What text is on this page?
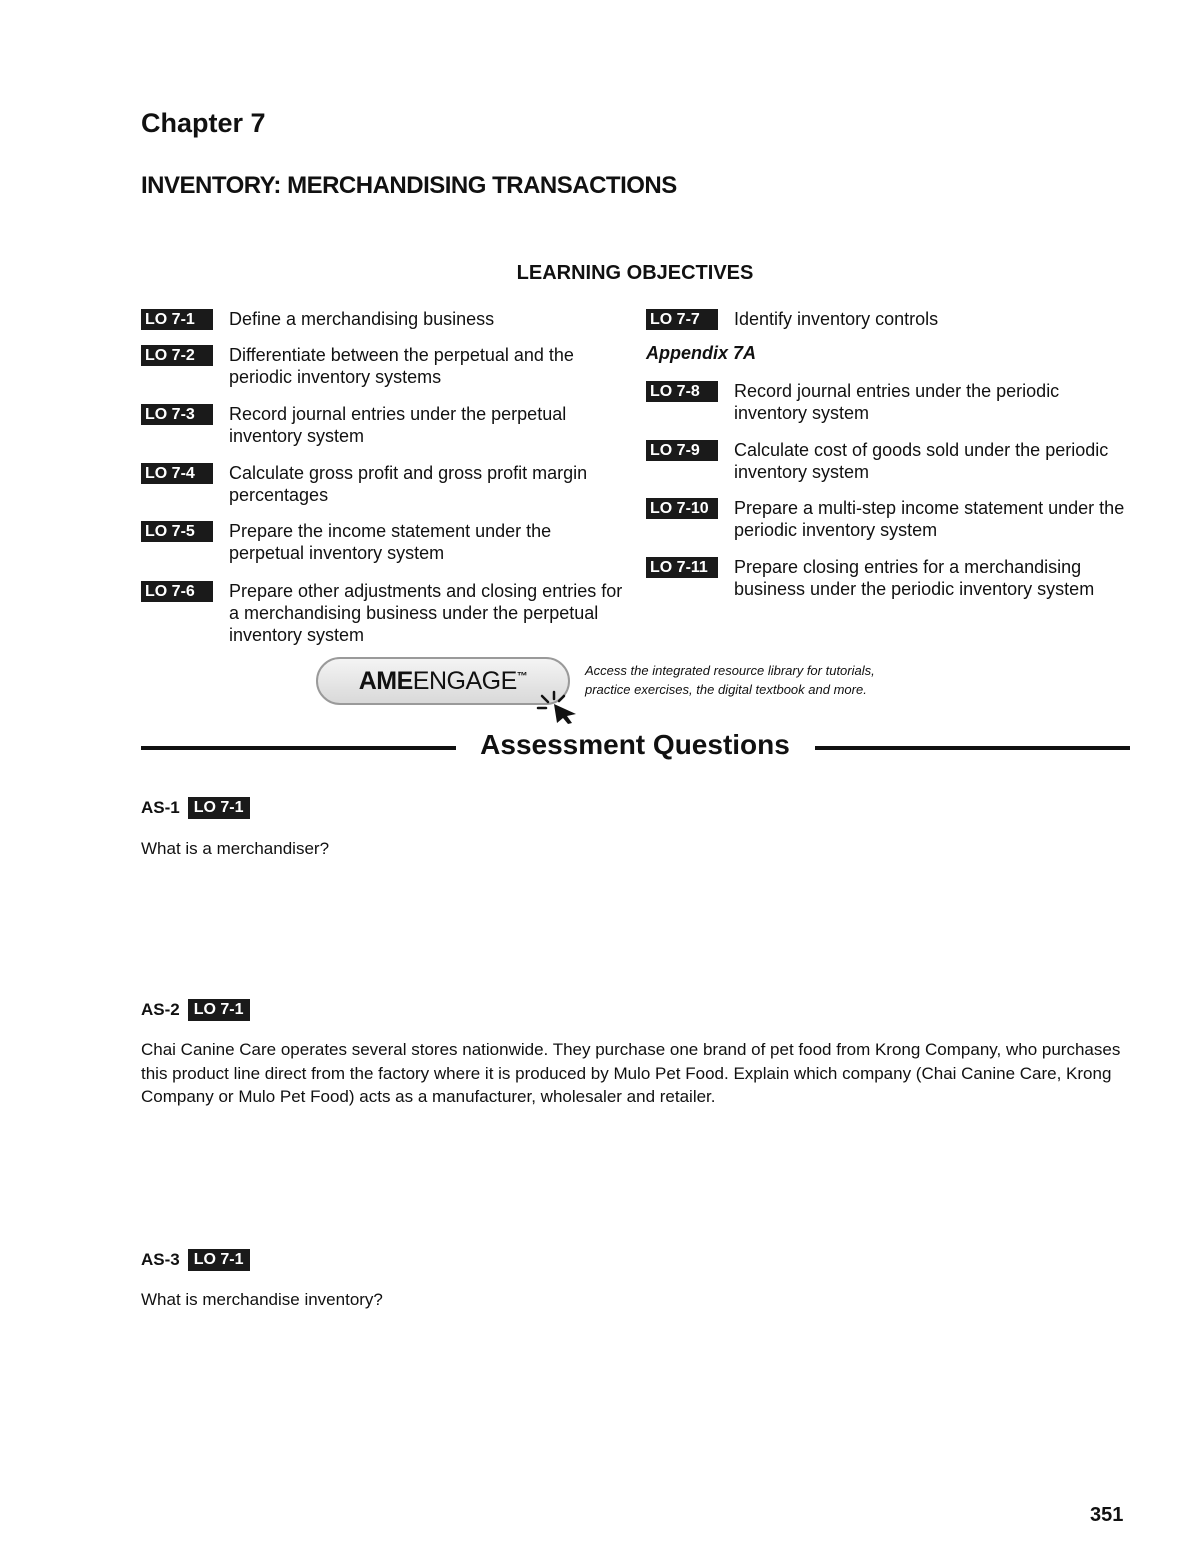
Chapter 7
INVENTORY: MERCHANDISING TRANSACTIONS
LEARNING OBJECTIVES
LO 7-1	Define a merchandising business
LO 7-2	Differentiate between the perpetual and the periodic inventory systems
LO 7-3	Record journal entries under the perpetual inventory system
LO 7-4	Calculate gross profit and gross profit margin percentages
LO 7-5	Prepare the income statement under the perpetual inventory system
LO 7-6	Prepare other adjustments and closing entries for a merchandising business under the perpetual inventory system
LO 7-7	Identify inventory controls
Appendix 7A
LO 7-8	Record journal entries under the periodic inventory system
LO 7-9	Calculate cost of goods sold under the periodic inventory system
LO 7-10	Prepare a multi-step income statement under the periodic inventory system
LO 7-11	Prepare closing entries for a merchandising business under the periodic inventory system
AMEENGAGE™	Access the integrated resource library for tutorials,
practice exercises, the digital textbook and more.
Assessment Questions
AS-1 LO 7-1
What is a merchandiser?
AS-2 LO 7-1
Chai Canine Care operates several stores nationwide. They purchase one brand of pet food from Krong Company, who purchases this product line direct from the factory where it is produced by Mulo Pet Food. Explain which company (Chai Canine Care, Krong Company or Mulo Pet Food) acts as a manufacturer, wholesaler and retailer.
AS-3 LO 7-1
What is merchandise inventory?
351
